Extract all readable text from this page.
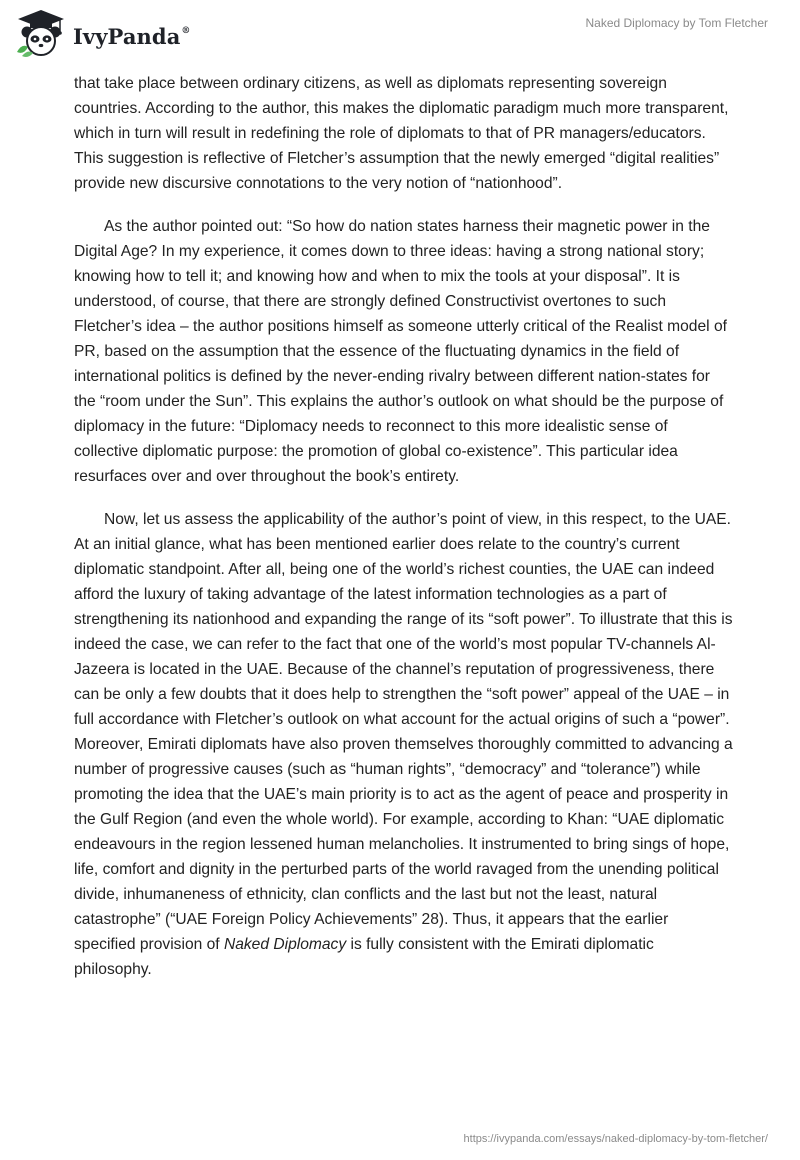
IvyPanda®
Naked Diplomacy by Tom Fletcher

that take place between ordinary citizens, as well as diplomats representing sovereign countries. According to the author, this makes the diplomatic paradigm much more transparent, which in turn will result in redefining the role of diplomats to that of PR managers/educators. This suggestion is reflective of Fletcher’s assumption that the newly emerged “digital realities” provide new discursive connotations to the very notion of “nationhood”.

As the author pointed out: “So how do nation states harness their magnetic power in the Digital Age? In my experience, it comes down to three ideas: having a strong national story; knowing how to tell it; and knowing how and when to mix the tools at your disposal”. It is understood, of course, that there are strongly defined Constructivist overtones to such Fletcher’s idea – the author positions himself as someone utterly critical of the Realist model of PR, based on the assumption that the essence of the fluctuating dynamics in the field of international politics is defined by the never-ending rivalry between different nation-states for the “room under the Sun”. This explains the author’s outlook on what should be the purpose of diplomacy in the future: “Diplomacy needs to reconnect to this more idealistic sense of collective diplomatic purpose: the promotion of global co-existence”. This particular idea resurfaces over and over throughout the book’s entirety.

Now, let us assess the applicability of the author’s point of view, in this respect, to the UAE. At an initial glance, what has been mentioned earlier does relate to the country’s current diplomatic standpoint. After all, being one of the world’s richest counties, the UAE can indeed afford the luxury of taking advantage of the latest information technologies as a part of strengthening its nationhood and expanding the range of its “soft power”. To illustrate that this is indeed the case, we can refer to the fact that one of the world’s most popular TV-channels Al-Jazeera is located in the UAE. Because of the channel’s reputation of progressiveness, there can be only a few doubts that it does help to strengthen the “soft power” appeal of the UAE – in full accordance with Fletcher’s outlook on what account for the actual origins of such a “power”. Moreover, Emirati diplomats have also proven themselves thoroughly committed to advancing a number of progressive causes (such as “human rights”, “democracy” and “tolerance”) while promoting the idea that the UAE’s main priority is to act as the agent of peace and prosperity in the Gulf Region (and even the whole world). For example, according to Khan: “UAE diplomatic endeavours in the region lessened human melancholies. It instrumented to bring sings of hope, life, comfort and dignity in the perturbed parts of the world ravaged from the unending political divide, inhumaneness of ethnicity, clan conflicts and the last but not the least, natural catastrophe” (“UAE Foreign Policy Achievements” 28). Thus, it appears that the earlier specified provision of Naked Diplomacy is fully consistent with the Emirati diplomatic philosophy.

https://ivypanda.com/essays/naked-diplomacy-by-tom-fletcher/
